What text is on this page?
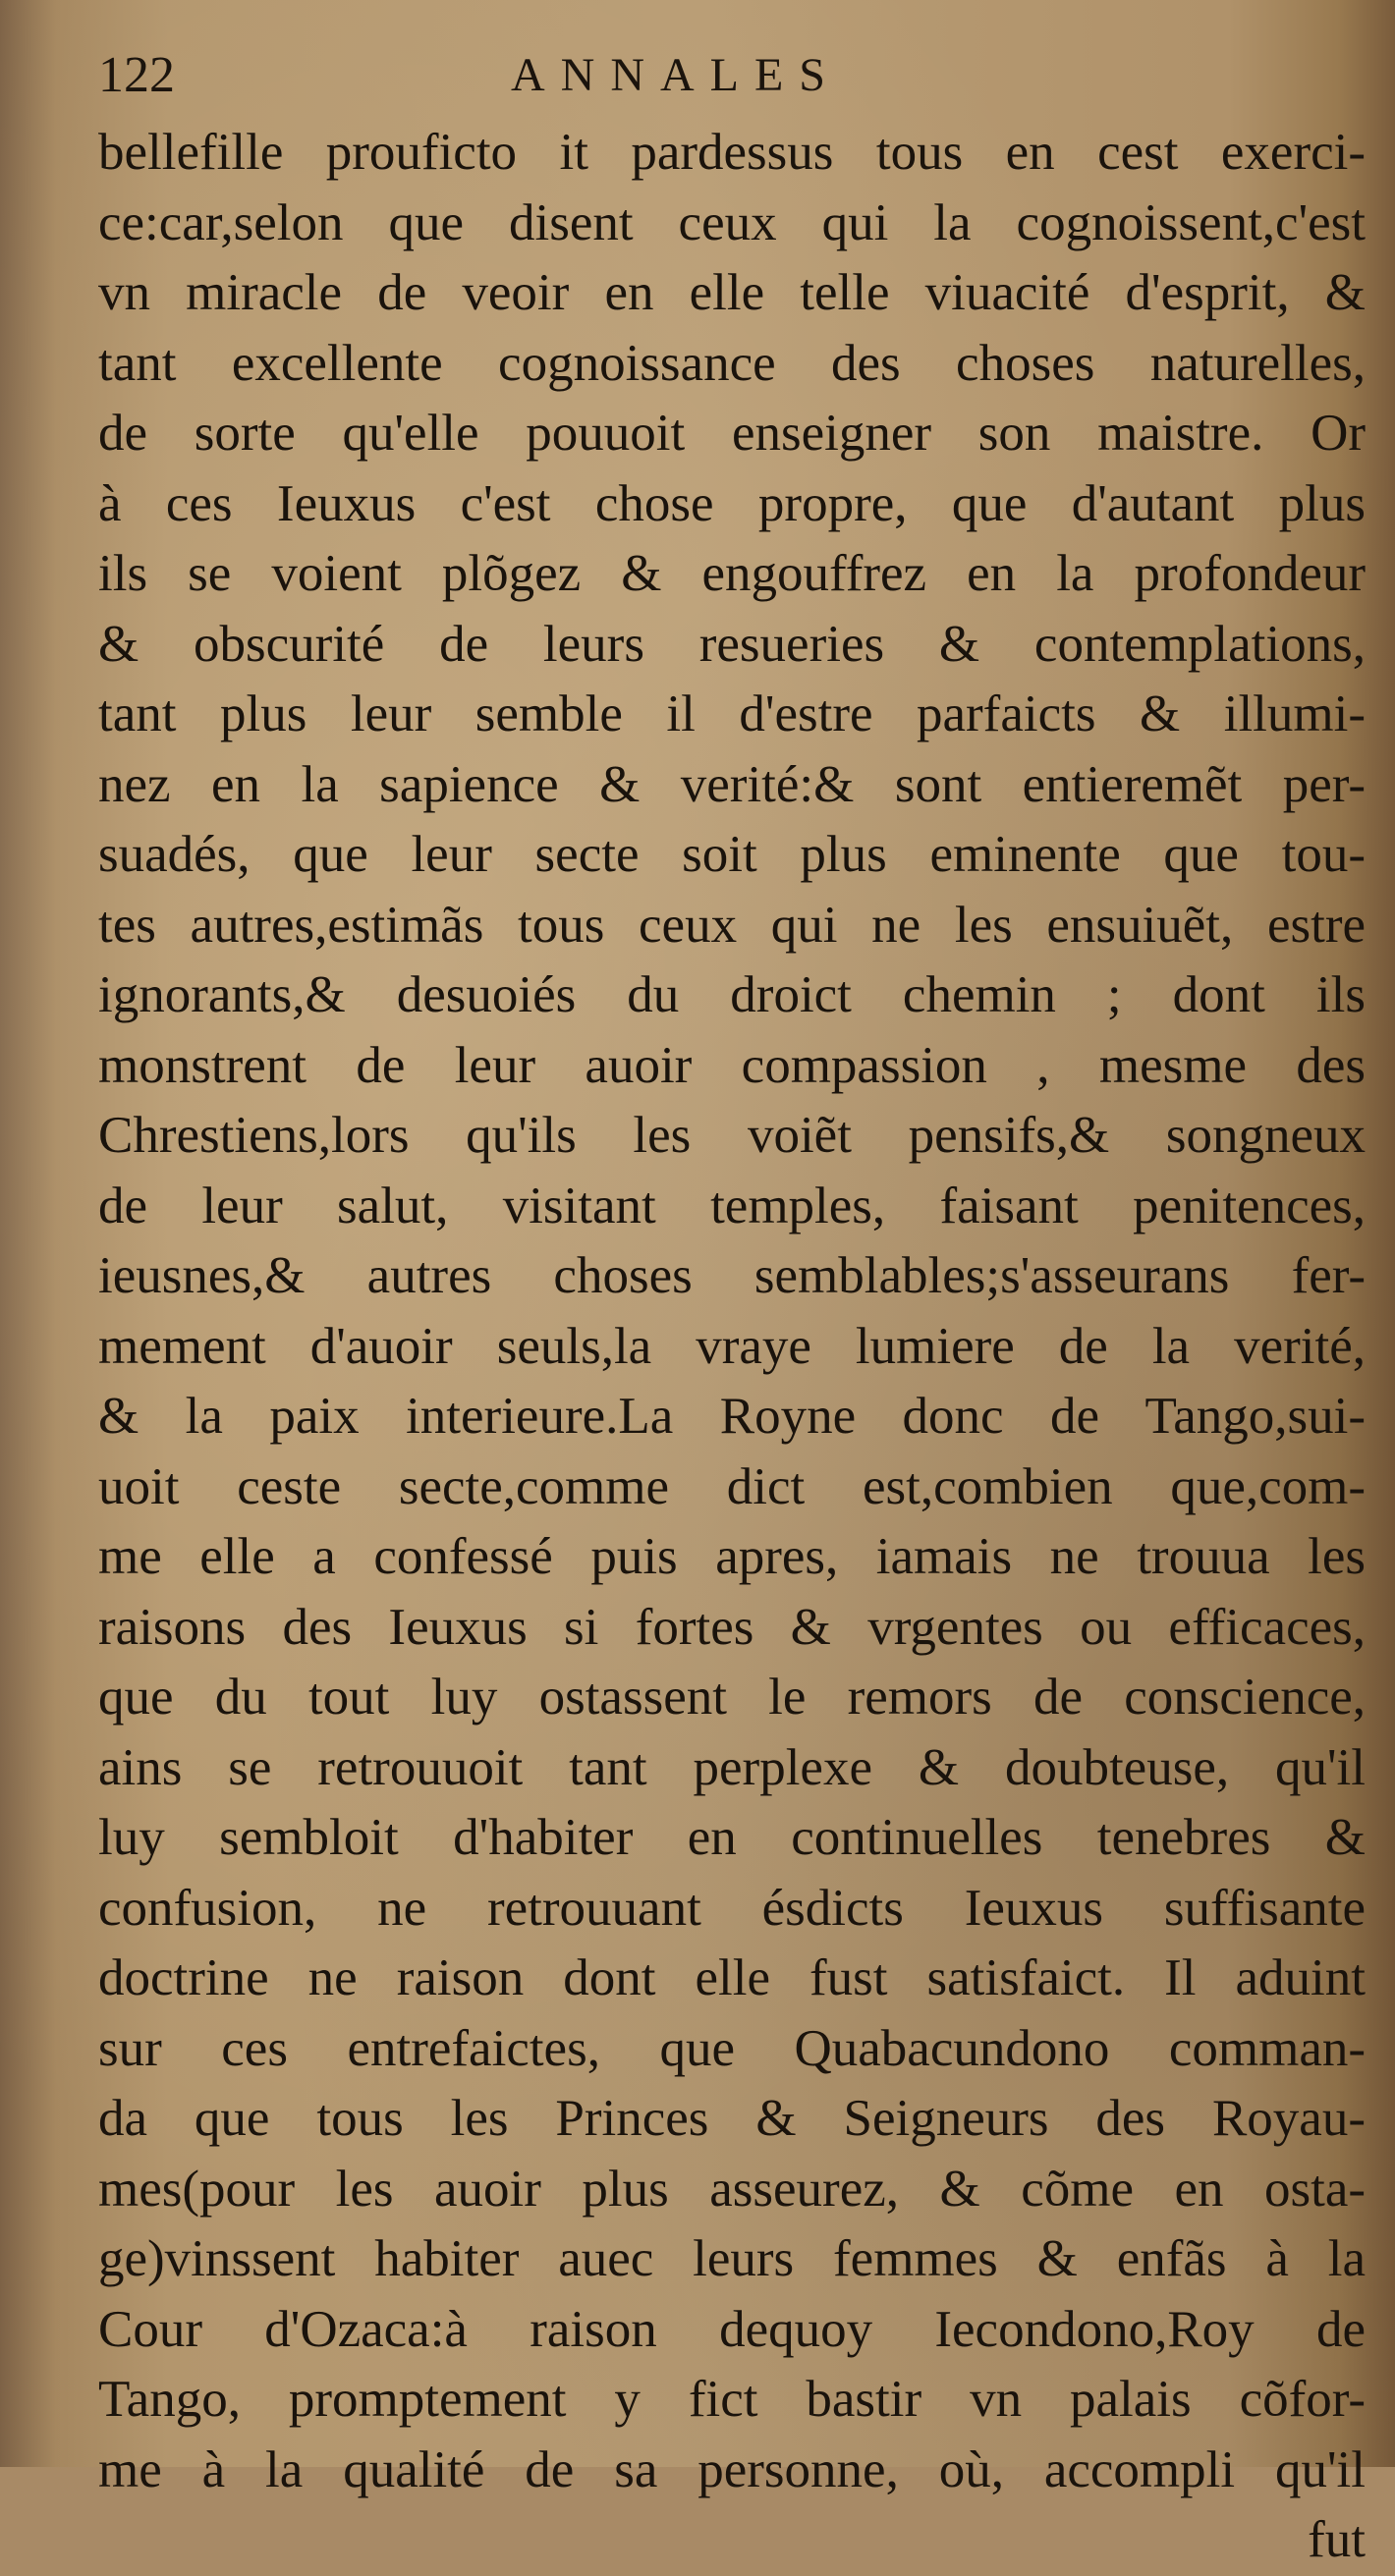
122	ANNALES
bellefille prouficto it pardessus tous en cest exerci-
ce:car,selon que disent ceux qui la cognoissent,c'est
vn miracle de veoir en elle telle viuacité d'esprit, &
tant excellente cognoissance des choses naturelles,
de sorte qu'elle pouuoit enseigner son maistre. Or
à ces Ieuxus c'est chose propre, que d'autant plus
ils se voient plõgez & engouffrez en la profondeur
& obscurité de leurs resueries & contemplations,
tant plus leur semble il d'estre parfaicts & illumi-
nez en la sapience & verité:& sont entieremẽt per-
suadés, que leur secte soit plus eminente que tou-
tes autres,estimãs tous ceux qui ne les ensuiuẽt, estre
ignorants,& desuoiés du droict chemin ; dont ils
monstrent de leur auoir compassion , mesme des
Chrestiens,lors qu'ils les voiẽt pensifs,& songneux
de leur salut, visitant temples, faisant penitences,
ieusnes,& autres choses semblables;s'asseurans fer-
mement d'auoir seuls,la vraye lumiere de la verité,
& la paix interieure.La Royne donc de Tango,sui-
uoit ceste secte,comme dict est,combien que,com-
me elle a confessé puis apres, iamais ne trouua les
raisons des Ieuxus si fortes & vrgentes ou efficaces,
que du tout luy ostassent le remors de conscience,
ains se retrouuoit tant perplexe & doubteuse, qu'il
luy sembloit d'habiter en continuelles tenebres &
confusion, ne retrouuant ésdicts Ieuxus suffisante
doctrine ne raison dont elle fust satisfaict. Il aduint
sur ces entrefaictes, que Quabacundono comman-
da que tous les Princes & Seigneurs des Royau-
mes(pour les auoir plus asseurez, & cõme en osta-
ge)vinssent habiter auec leurs femmes & enfãs à la
Cour d'Ozaca:à raison dequoy Iecondono,Roy de
Tango, promptement y fict bastir vn palais cõfor-
me à la qualité de sa personne, où, accompli qu'il
fut
